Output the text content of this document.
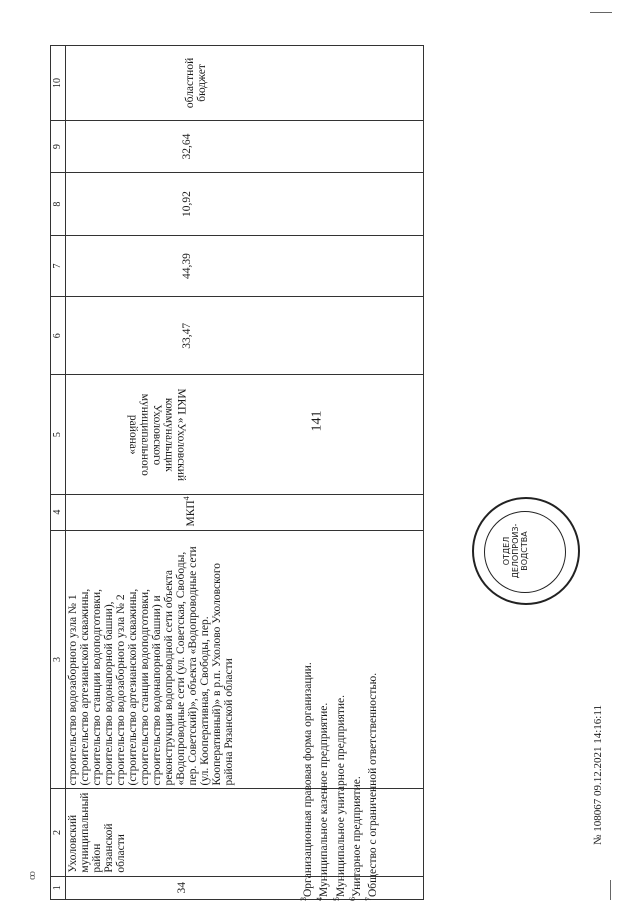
141
1	2	3	4	5	6	7	8	9	10
34	Ухоловский муниципальный район Рязанской области	строительство водозаборного узла № 1 (строительство артезианской скважины, строительство станции водоподготовки, строительство водонапорной башни), строительство водозаборного узла № 2 (строительство артезианской скважины, строительство станции водоподготовки, строительство водонапорной башни) и реконструкция водопроводной сети объекта «Водопроводные сети (ул. Советская, Свободы, пер. Советский)», объекта «Водопроводные сети (ул. Кооперативная, Свободы, пер. Кооперативный)» в р.п. Ухолово Ухоловского района Рязанской области	МКП$^4$	МКП «Ухоловский коммунальщик Ухоловского муниципального района»	33,47	44,39	10,92	32,64	областной бюджет
$^3$Организационная правовая форма организации.
$^4$Муниципальное казенное предприятие.
$^5$Муниципальное унитарное предприятие.
$^6$Унитарное предприятие.
$^7$Общество с ограниченной ответственностью.
ОТДЕЛ ДЕЛОПРОИЗ-ВОДСТВА
№ 108067 09.12.2021 14:16:11
ꝏ
